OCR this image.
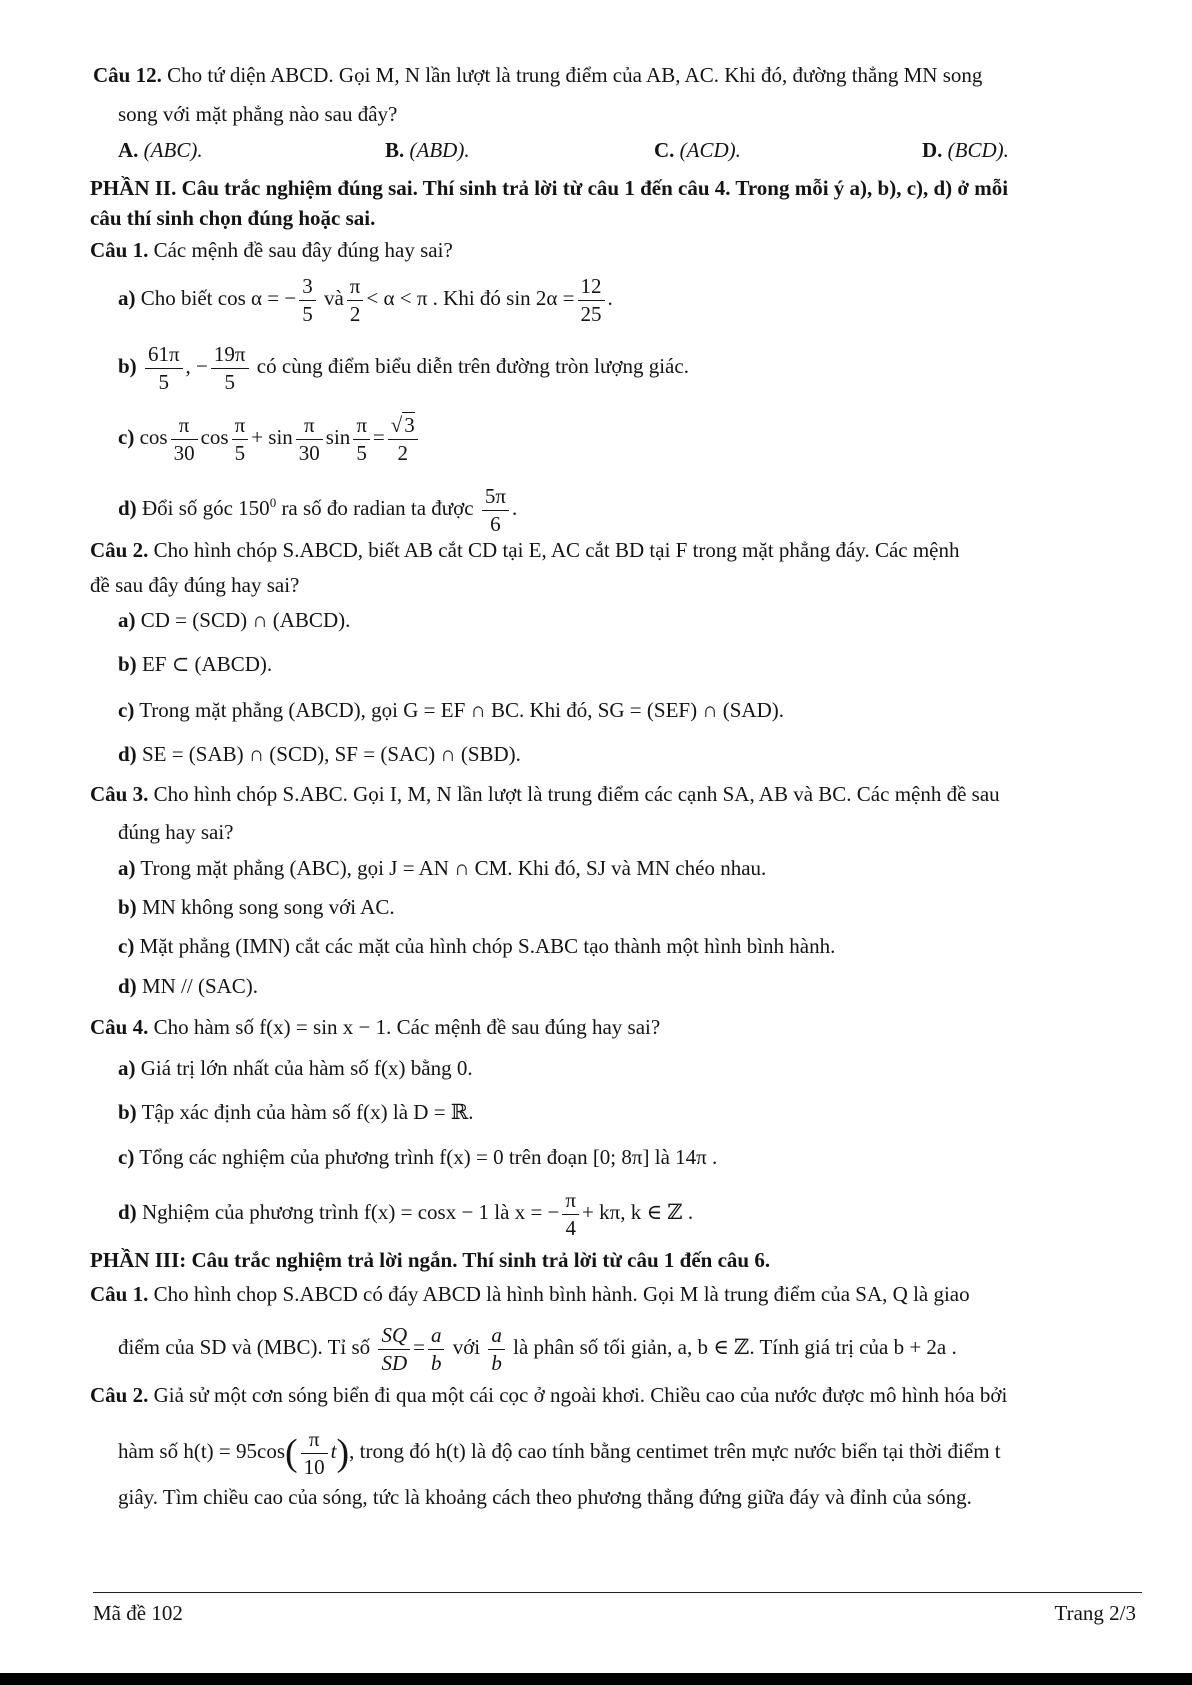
Câu 12. Cho tứ diện ABCD. Gọi M, N lần lượt là trung điểm của AB, AC. Khi đó, đường thẳng MN song
song với mặt phẳng nào sau đây?
A. (ABC).	B. (ABD).	C. (ACD).	D. (BCD).
PHẦN II. Câu trắc nghiệm đúng sai. Thí sinh trả lời từ câu 1 đến câu 4. Trong mỗi ý a), b), c), d) ở mỗi
câu thí sinh chọn đúng hoặc sai.
Câu 1. Các mệnh đề sau đây đúng hay sai?
a) Cho biết cos α = − $\frac{3}{5}$ và $\frac{\pi}{2} < \alpha < \pi$ . Khi đó $\sin 2\alpha = \frac{12}{25}$ .
$b) \frac{61\pi}{5}$ , − $\frac{19\pi}{5}$ có cùng điểm biểu diễn trên đường tròn lượng giác.
c) $\cos \frac{\pi}{30}$ $\cos \frac{\pi}{5} + \sin \frac{\pi}{30}$ $\sin \frac{\pi}{5} = \frac{√3}{2}$
d) Đổi số góc $150^0$ ra số đo radian ta được $\frac{5\pi}{6}$ .
Câu 2. Cho hình chóp S.ABCD, biết AB cắt CD tại E, AC cắt BD tại F trong mặt phẳng đáy. Các mệnh
đề sau đây đúng hay sai?
a) CD = (SCD) ∩ (ABCD).
b) EF ⊂ (ABCD).
c) Trong mặt phẳng (ABCD), gọi G = EF ∩ BC. Khi đó, SG = (SEF) ∩ (SAD).
d) SE = (SAB) ∩ (SCD), SF = (SAC) ∩ (SBD).
Câu 3. Cho hình chóp S.ABC. Gọi I, M, N lần lượt là trung điểm các cạnh SA, AB và BC. Các mệnh đề sau
đúng hay sai?
a) Trong mặt phẳng (ABC), gọi J = AN ∩ CM. Khi đó, SJ và MN chéo nhau.
b) MN không song song với AC.
c) Mặt phẳng (IMN) cắt các mặt của hình chóp S.ABC tạo thành một hình bình hành.
d) MN // (SAC).
Câu 4. Cho hàm số f(x) = sin x − 1. Các mệnh đề sau đúng hay sai?
a) Giá trị lớn nhất của hàm số f(x) bằng 0.
b) Tập xác định của hàm số f(x) là D = ℝ.
c) Tổng các nghiệm của phương trình f(x) = 0 trên đoạn [0; 8π] là 14π .
d) Nghiệm của phương trình f(x) = cosx − 1 là x = − $\frac{\pi}{4} + k\pi$, k ∈ ℤ .
PHẦN III: Câu trắc nghiệm trả lời ngắn. Thí sinh trả lời từ câu 1 đến câu 6.
Câu 1. Cho hình chop S.ABCD có đáy ABCD là hình bình hành. Gọi M là trung điểm của SA, Q là giao
điểm của SD và (MBC). Tỉ số $\frac{SQ}{SD} = \frac{a}{b}$ với $\frac{a}{b}$ là phân số tối giản, a, b ∈ ℤ. Tính giá trị của b + 2a .
Câu 2. Giả sử một cơn sóng biển đi qua một cái cọc ở ngoài khơi. Chiều cao của nước được mô hình hóa bởi
hàm số $h(t) = 95\cos( \frac{\pi}{10} t)$, trong đó h(t) là độ cao tính bằng centimet trên mực nước biển tại thời điểm t
giây. Tìm chiều cao của sóng, tức là khoảng cách theo phương thẳng đứng giữa đáy và đỉnh của sóng.
Mã đề 102	Trang 2/3
